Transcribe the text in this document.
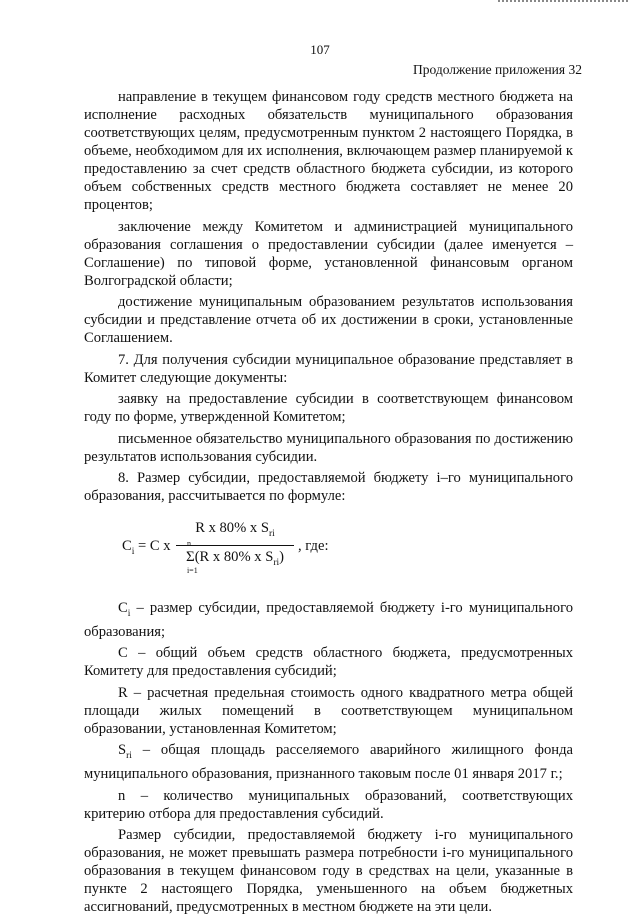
107
Продолжение приложения 32

направление в текущем финансовом году средств местного бюджета на исполнение расходных обязательств муниципального образования соответствующих целям, предусмотренным пунктом 2 настоящего Порядка, в объеме, необходимом для их исполнения, включающем размер планируемой к предоставлению за счет средств областного бюджета субсидии, из которого объем собственных средств местного бюджета составляет не менее 20 процентов;

заключение между Комитетом и администрацией муниципального образования соглашения о предоставлении субсидии (далее именуется – Соглашение) по типовой форме, установленной финансовым органом Волгоградской области;

достижение муниципальным образованием результатов использования субсидии и представление отчета об их достижении в сроки, установленные Соглашением.

7. Для получения субсидии муниципальное образование представляет в Комитет следующие документы:

заявку на предоставление субсидии в соответствующем финансовом году по форме, утвержденной Комитетом;

письменное обязательство муниципального образования по достижению результатов использования субсидии.

8. Размер субсидии, предоставляемой бюджету i–го муниципального образования, рассчитывается по формуле:

$C_i = C$ x
R x 80% x $S_{ri}$
n
Σ
i=1
(R x 80% x $S_{ri}$)
, где:

$C_i$ – размер субсидии, предоставляемой бюджету i-го муниципального образования;

C – общий объем средств областного бюджета, предусмотренных Комитету для предоставления субсидий;

R – расчетная предельная стоимость одного квадратного метра общей площади жилых помещений в соответствующем муниципальном образовании, установленная Комитетом;

$S_{ri}$ – общая площадь расселяемого аварийного жилищного фонда муниципального образования, признанного таковым после 01 января 2017 г.;

n – количество муниципальных образований, соответствующих критерию отбора для предоставления субсидий.

Размер субсидии, предоставляемой бюджету i-го муниципального образования, не может превышать размера потребности i-го муниципального образования в текущем финансовом году в средствах на цели, указанные в пункте 2 настоящего Порядка, уменьшенного на объем бюджетных ассигнований, предусмотренных в местном бюджете на эти цели.
